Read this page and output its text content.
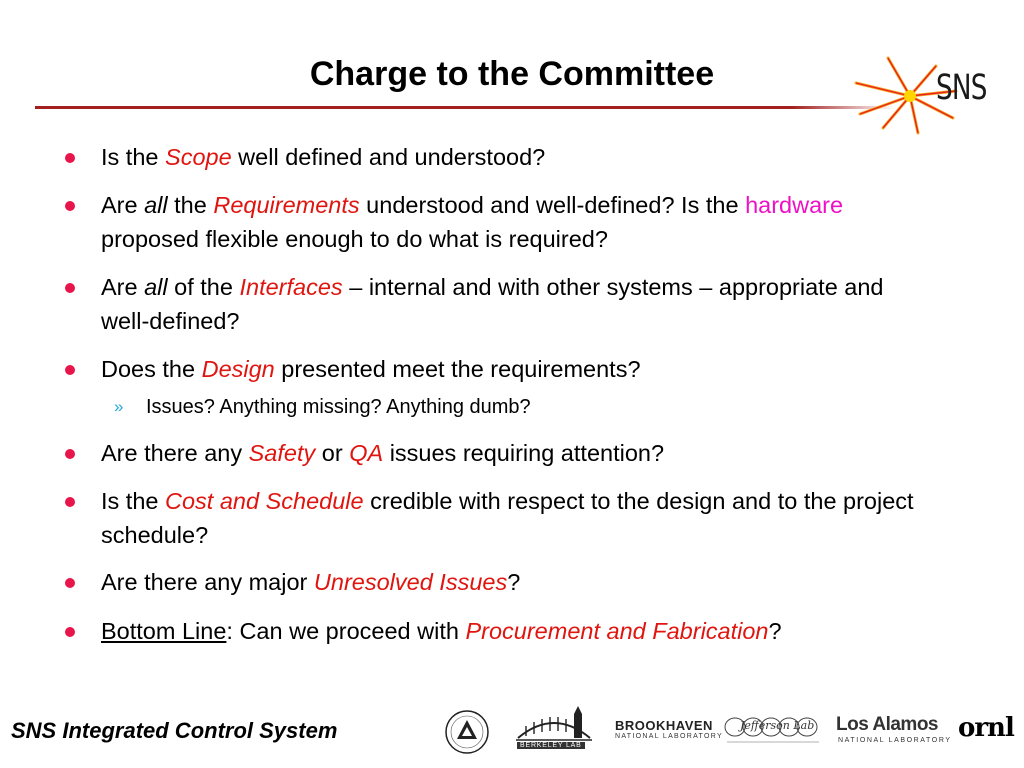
Charge to the Committee	SNS
Is the Scope well defined and understood?
Are all the Requirements understood and well-defined? Is the hardware proposed flexible enough to do what is required?
Are all of the Interfaces – internal and with other systems – appropriate and well-defined?
Does the Design presented meet the requirements?
» Issues? Anything missing? Anything dumb?
Are there any Safety or QA issues requiring attention?
Is the Cost and Schedule credible with respect to the design and to the project schedule?
Are there any major Unresolved Issues?
Bottom Line: Can we proceed with Procurement and Fabrication?
SNS Integrated Control System
BERKELEY LAB
BROOKHAVEN
NATIONAL LABORATORY
Jefferson Lab Los Alamos
NATIONAL LABORATORY ornl
